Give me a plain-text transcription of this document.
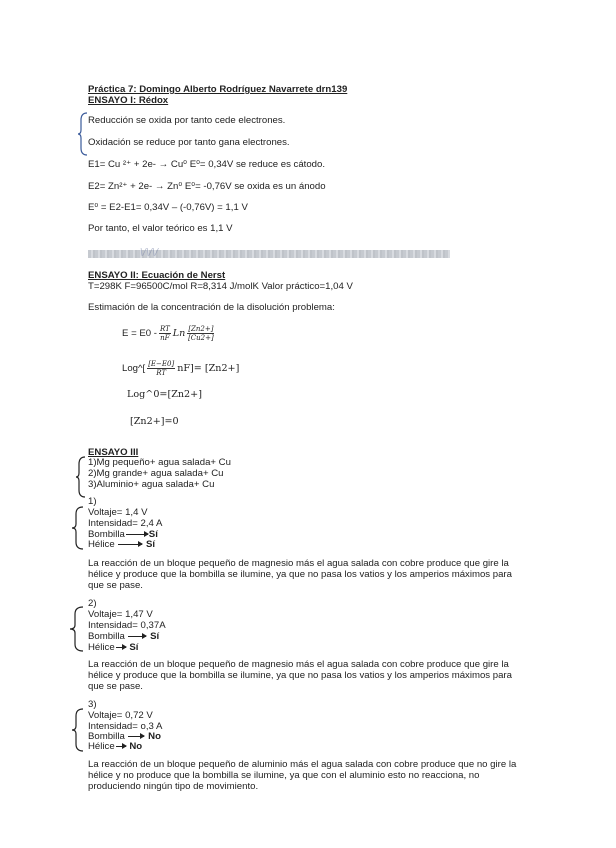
Práctica 7: Domingo Alberto Rodríguez Navarrete drn139
ENSAYO I: Rédox
Reducción se oxida por tanto cede electrones.
Oxidación se reduce por tanto gana electrones.
E1= Cu ²⁺ + 2e- → Cu⁰ E⁰= 0,34V se reduce es cátodo.
E2= Zn²⁺ + 2e- → Zn⁰ E⁰= -0,76V se oxida es un ánodo
E⁰ = E2-E1= 0,34V – (-0,76V) = 1,1 V
Por tanto, el valor teórico es 1,1 V
\/\/\/
ENSAYO II: Ecuación de Nerst
T=298K F=96500C/mol R=8,314 J/molK Valor práctico=1,04 V
Estimación de la concentración de la disolución problema:
$E = E0 - \frac{RT}{nF}$ Ln $\frac{[Zn2+]}{[Cu2+]}$
Log^[ $\frac{[E-E0]}{RT} nF]= [Zn2+]$
Log^0=[Zn2+]
[Zn2+]=0
ENSAYO III
1)Mg pequeño+ agua salada+ Cu
2)Mg grande+ agua salada+ Cu
3)Aluminio+ agua salada+ Cu
1)
Voltaje= 1,4 V
Intensidad= 2,4 A
Bombilla	Sí
Hélice	Sí
La reacción de un bloque pequeño de magnesio más el agua salada con cobre produce que gire la hélice y produce que la bombilla se ilumine, ya que no pasa los vatios y los amperios máximos para que se pase.
2)
Voltaje= 1,47 V
Intensidad= 0,37A
Bombilla	Sí
Hélice Sí
La reacción de un bloque pequeño de magnesio más el agua salada con cobre produce que gire la hélice y produce que la bombilla se ilumine, ya que no pasa los vatios y los amperios máximos para que se pase.
3)
Voltaje= 0,72 V
Intensidad= o,3 A
Bombilla No
Hélice No
La reacción de un bloque pequeño de aluminio más el agua salada con cobre produce que no gire la hélice y no produce que la bombilla se ilumine, ya que con el aluminio esto no reacciona, no produciendo ningún tipo de movimiento.
